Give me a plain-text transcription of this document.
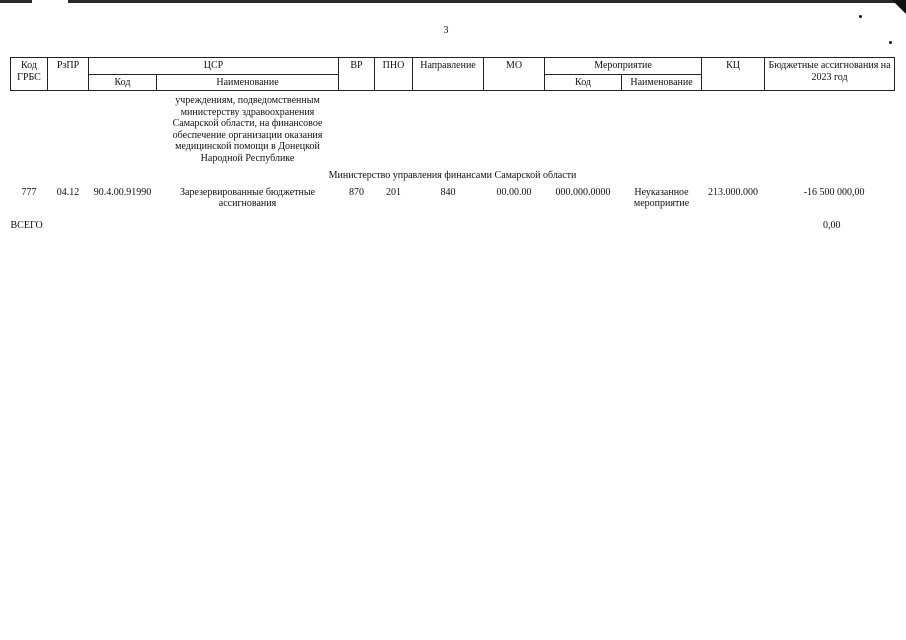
3
Код ГРБС	РзПР	ЦСР		ВР	ПНО	Направление	МО	Мероприятие		КЦ	Бюджетные ассигнования на 2023 год
		Код	Наименование					Код	Наименование		
			учреждениям, подведомственным министерству здравоохранения Самарской области, на финансовое обеспечение организации оказания медицинской помощи в Донецкой Народной Республике								
Министерство управления финансами Самарской области											
777	04.12	90.4.00.91990	Зарезервированные бюджетные ассигнования	870	201	840	00.00.00	000.000.0000	Неуказанное мероприятие	213.000.000	-16 500 000,00
ВСЕГО											0,00
